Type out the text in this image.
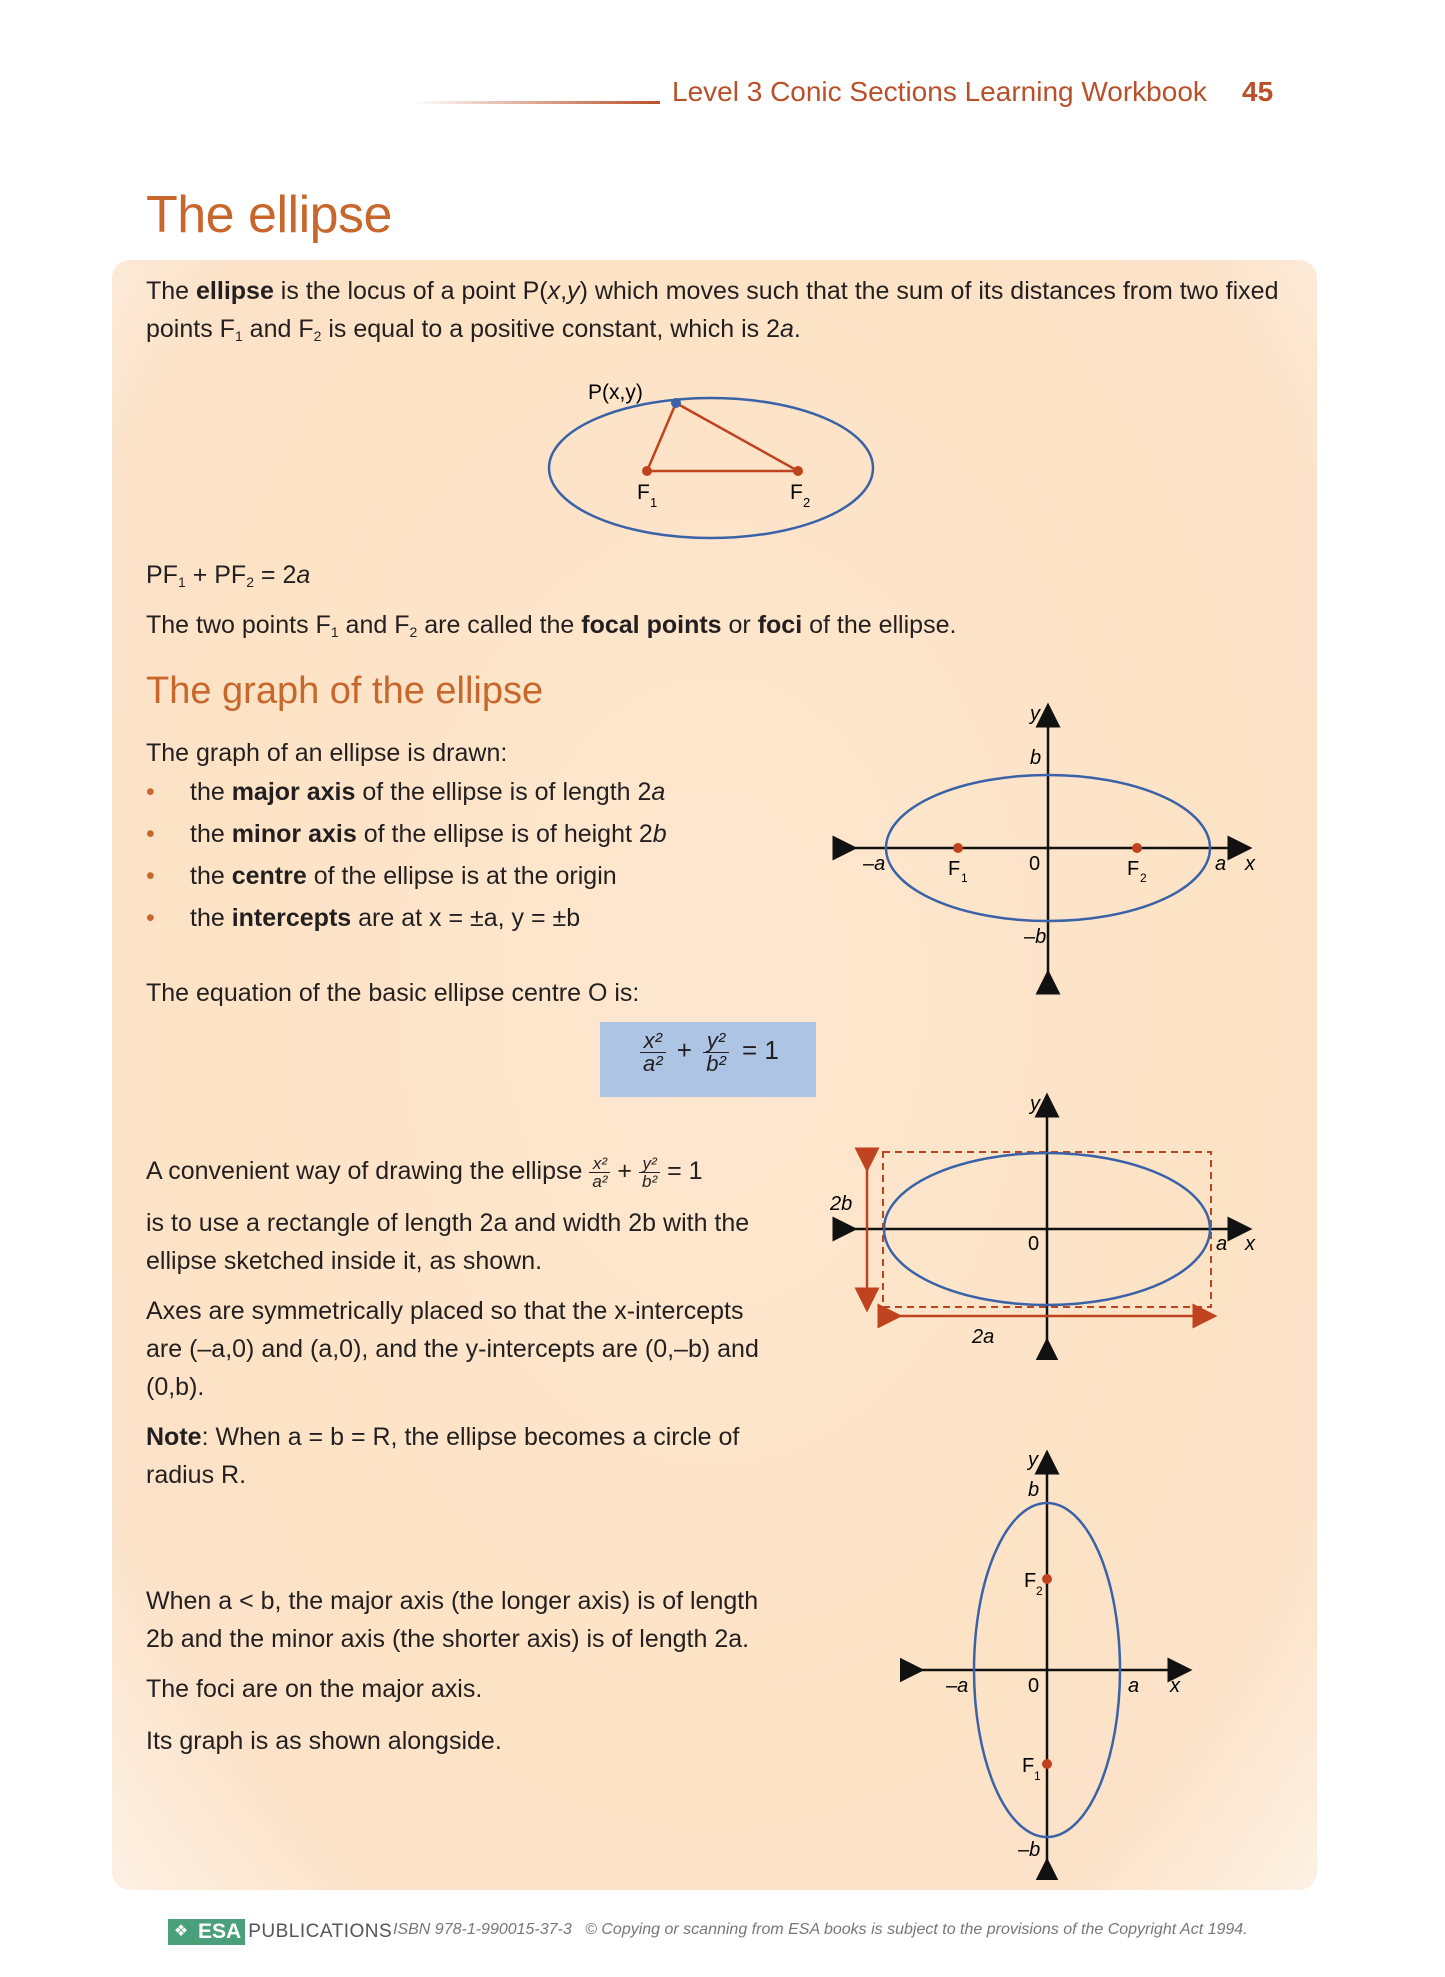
Level 3 Conic Sections Learning Workbook 45
The ellipse
The ellipse is the locus of a point P(x,y) which moves such that the sum of its distances from two fixed
points $F_1$ and $F_2$ is equal to a positive constant, which is 2a.
P(x,y)
F 1	F 2
$PF_1 + PF_2 = 2a$
The two points $F_1$ and $F_2$ are called the focal points or foci of the ellipse.
The graph of the ellipse
The graph of an ellipse is drawn:
• the major axis of the ellipse is of length 2a
• the minor axis of the ellipse is of height 2b
• the centre of the ellipse is at the origin
• the intercepts are at x = ±a, y = ±b
The equation of the basic ellipse centre O is:
$\frac{\text{x²}}{\text{a²}} + \frac{\text{y²}}{\text{b²}} = 1$
y
x
b
–b
a
–a	0
F 1	F 2
A convenient way of drawing the ellipse $\frac{\text{x²}}{\text{a²}} + \frac{\text{y²}}{\text{b²}} = 1$
is to use a rectangle of length 2a and width 2b with the
ellipse sketched inside it, as shown.
Axes are symmetrically placed so that the x-intercepts
are (–a,0) and (a,0), and the y-intercepts are (0,–b) and
(0,b).
Note: When a = b = R, the ellipse becomes a circle of
radius R.
y
x
a
0
2b
2a
When a < b, the major axis (the longer axis) is of length
2b and the minor axis (the shorter axis) is of length 2a.
The foci are on the major axis.
Its graph is as shown alongside.
y
x
b
–b
a
–a	0
F 2
F 1
❖ ESA PUBLICATIONS ISBN 978-1-990015-37-3 © Copying or scanning from ESA books is subject to the provisions of the Copyright Act 1994.
